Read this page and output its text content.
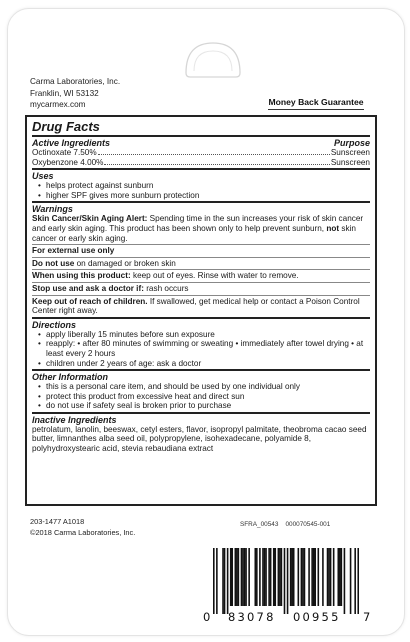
Carma Laboratories, Inc.
Franklin, WI 53132
mycarmex.com	Money Back Guarantee
Drug Facts
Active Ingredients	Purpose
Octinoxate 7.50%	Sunscreen
Oxybenzone 4.00%	Sunscreen
Uses
• helps protect against sunburn
• higher SPF gives more sunburn protection
Warnings
Skin Cancer/Skin Aging Alert: Spending time in the sun increases your risk of skin cancer and early skin aging. This product has been shown only to help prevent sunburn, not skin cancer or early skin aging.
For external use only
Do not use on damaged or broken skin
When using this product: keep out of eyes. Rinse with water to remove.
Stop use and ask a doctor if: rash occurs
Keep out of reach of children. If swallowed, get medical help or contact a Poison Control Center right away.
Directions
• apply liberally 15 minutes before sun exposure
• reapply: • after 80 minutes of swimming or sweating • immediately after towel drying • at least every 2 hours
• children under 2 years of age: ask a doctor
Other Information
• this is a personal care item, and should be used by one individual only
• protect this product from excessive heat and direct sun
• do not use if safety seal is broken prior to purchase
Inactive Ingredients
petrolatum, lanolin, beeswax, cetyl esters, flavor, isopropyl palmitate, theobroma cacao seed butter, limnanthes alba seed oil, polypropylene, isohexadecane, polyamide 8, polyhydroxystearic acid, stevia rebaudiana extract
203-1477 A1018
©2018 Carma Laboratories, Inc.
SFRA_00543 000070545-001
0 83078 00955 7
